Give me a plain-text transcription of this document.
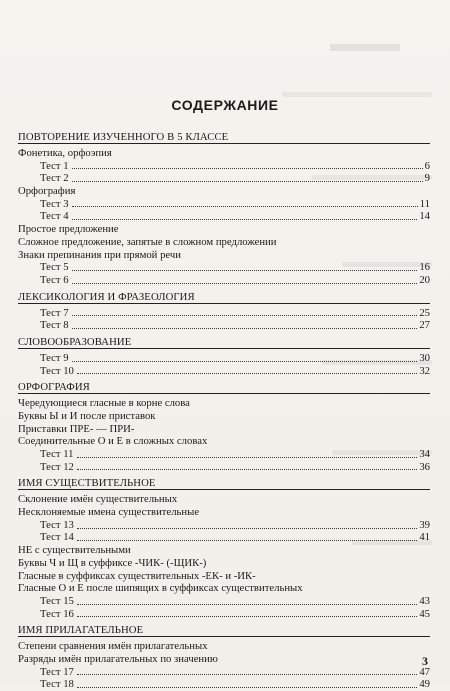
СОДЕРЖАНИЕ
ПОВТОРЕНИЕ ИЗУЧЕННОГО В 5 КЛАССЕ
Фонетика, орфоэпия
Тест 1	6
Тест 2	9
Орфография
Тест 3	11
Тест 4	14
Простое предложение
Сложное предложение, запятые в сложном предложении
Знаки препинания при прямой речи
Тест 5	16
Тест 6	20
ЛЕКСИКОЛОГИЯ И ФРАЗЕОЛОГИЯ
Тест 7	25
Тест 8	27
СЛОВООБРАЗОВАНИЕ
Тест 9	30
Тест 10	32
ОРФОГРАФИЯ
Чередующиеся гласные в корне слова
Буквы Ы и И после приставок
Приставки ПРЕ- — ПРИ-
Соединительные О и Е в сложных словах
Тест 11	34
Тест 12	36
ИМЯ СУЩЕСТВИТЕЛЬНОЕ
Склонение имён существительных
Несклоняемые имена существительные
Тест 13	39
Тест 14	41
НЕ с существительными
Буквы Ч и Щ в суффиксе -ЧИК- (-ЩИК-)
Гласные в суффиксах существительных -ЕК- и -ИК-
Гласные О и Е после шипящих в суффиксах существительных
Тест 15	43
Тест 16	45
ИМЯ ПРИЛАГАТЕЛЬНОЕ
Степени сравнения имён прилагательных
Разряды имён прилагательных по значению
Тест 17	47
Тест 18	49
3
